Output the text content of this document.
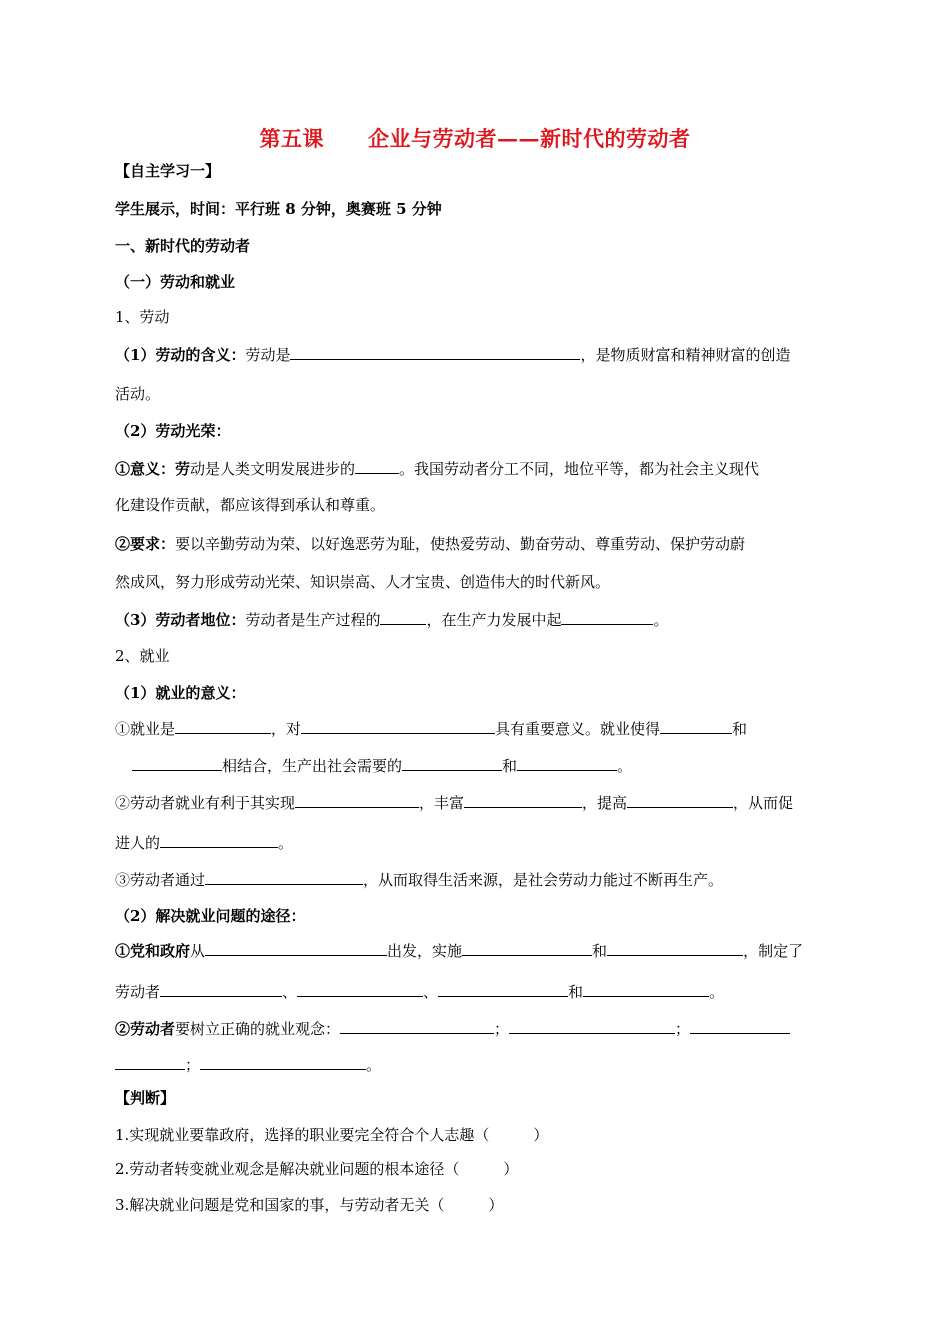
第五课 企业与劳动者——新时代的劳动者
【自主学习一】
学生展示，时间：平行班 8 分钟，奥赛班 5 分钟
一、新时代的劳动者
（一）劳动和就业
1、劳动
（1）劳动的含义：劳动是	，是物质财富和精神财富的创造
活动。
（2）劳动光荣：
①意义：劳动是人类文明发展进步的	。我国劳动者分工不同，地位平等，都为社会主义现代
化建设作贡献，都应该得到承认和尊重。
②要求：要以辛勤劳动为荣、以好逸恶劳为耻，使热爱劳动、勤奋劳动、尊重劳动、保护劳动蔚
然成风，努力形成劳动光荣、知识崇高、人才宝贵、创造伟大的时代新风。
（3）劳动者地位：劳动者是生产过程的	，在生产力发展中起	。
2、就业
（1）就业的意义：
①就业是	，对	具有重要意义。就业使得	和
相结合，生产出社会需要的	和	。
②劳动者就业有利于其实现	，丰富	，提高	，从而促
进人的	。
③劳动者通过	，从而取得生活来源，是社会劳动力能过不断再生产。
（2）解决就业问题的途径：
①党和政府从	出发，实施	和	，制定了
劳动者	、	、	和	。
②劳动者要树立正确的就业观念：	；	；
；	。
【判断】
1.实现就业要靠政府，选择的职业要完全符合个人志趣（	）
2.劳动者转变就业观念是解决就业问题的根本途径（	）
3.解决就业问题是党和国家的事，与劳动者无关（	）
